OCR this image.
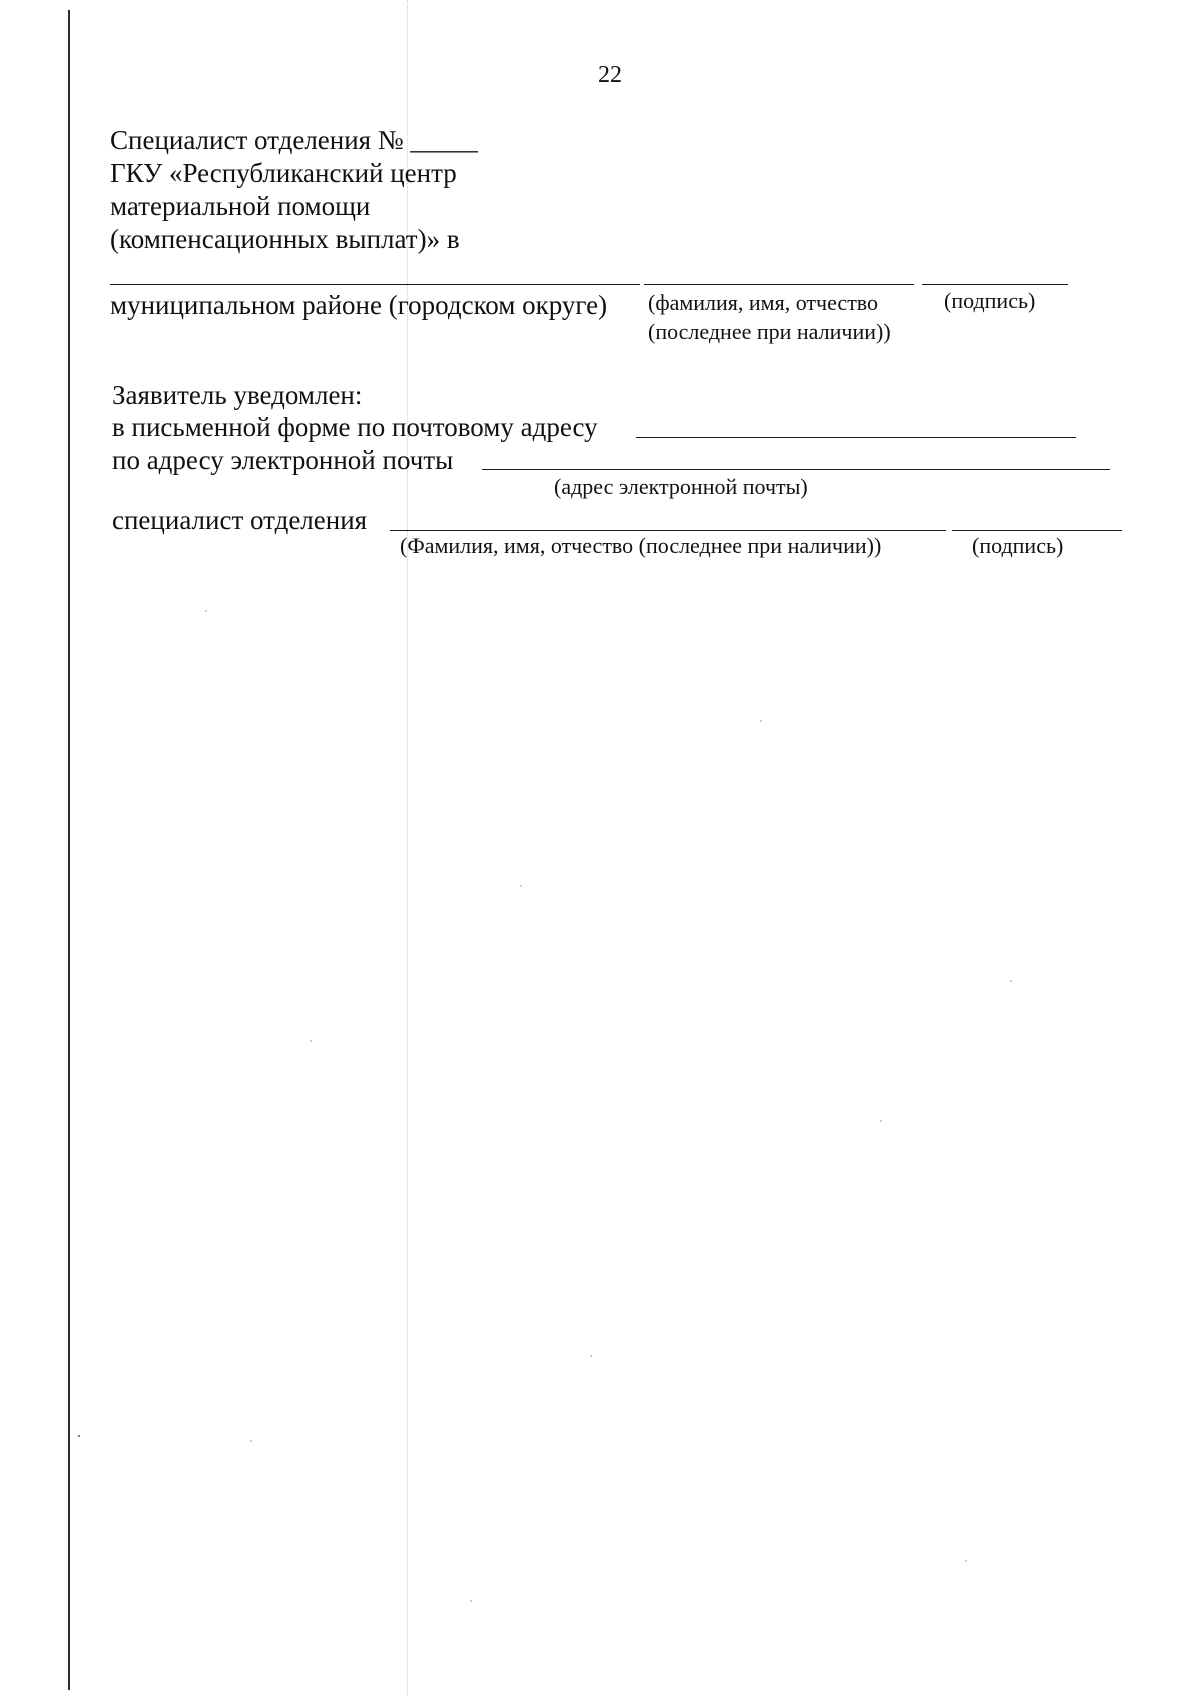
22
Специалист отделения № _____
ГКУ «Республиканский центр
материальной помощи
(компенсационных выплат)» в
муниципальном районе (городском округе) (фамилия, имя, отчество
(последнее при наличии))
(подпись)
Заявитель уведомлен:
в письменной форме по почтовому адресу
по адресу электронной почты
(адрес электронной почты)
специалист отделения
(Фамилия, имя, отчество (последнее при наличии))	(подпись)
